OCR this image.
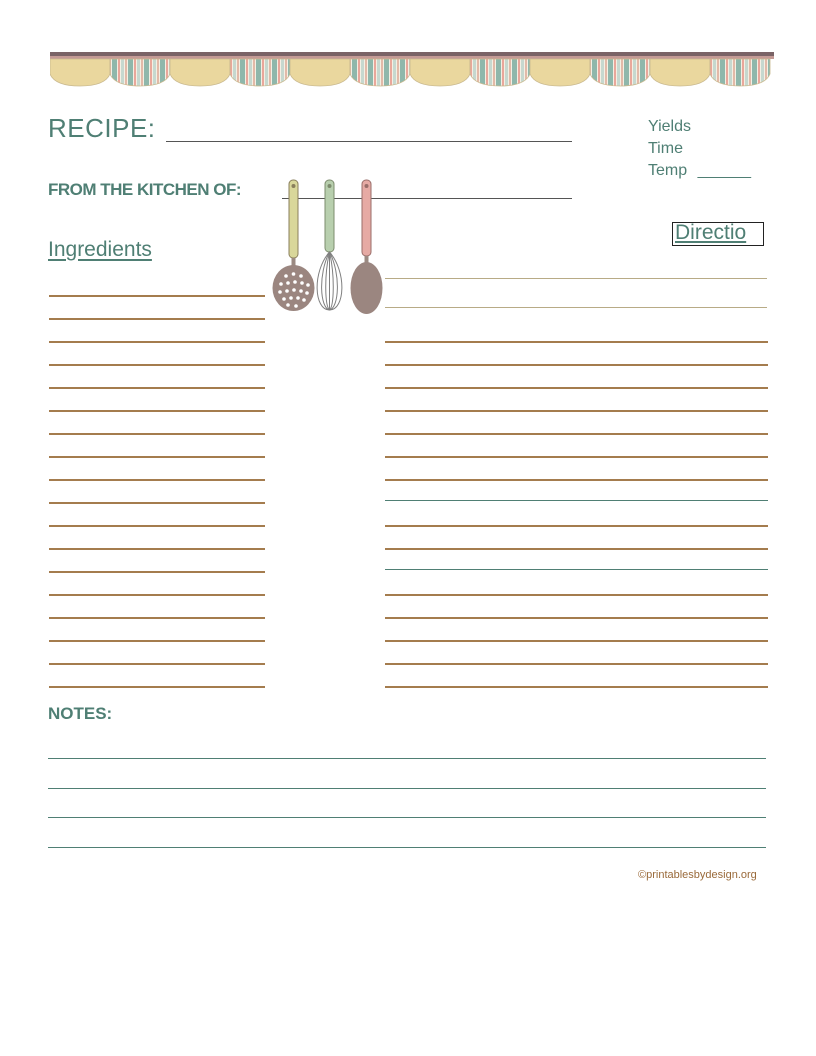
RECIPE:
FROM THE KITCHEN OF:
Yields
Time
Temp ______
Ingredients
Directio
NOTES:
©printablesbydesign.org
